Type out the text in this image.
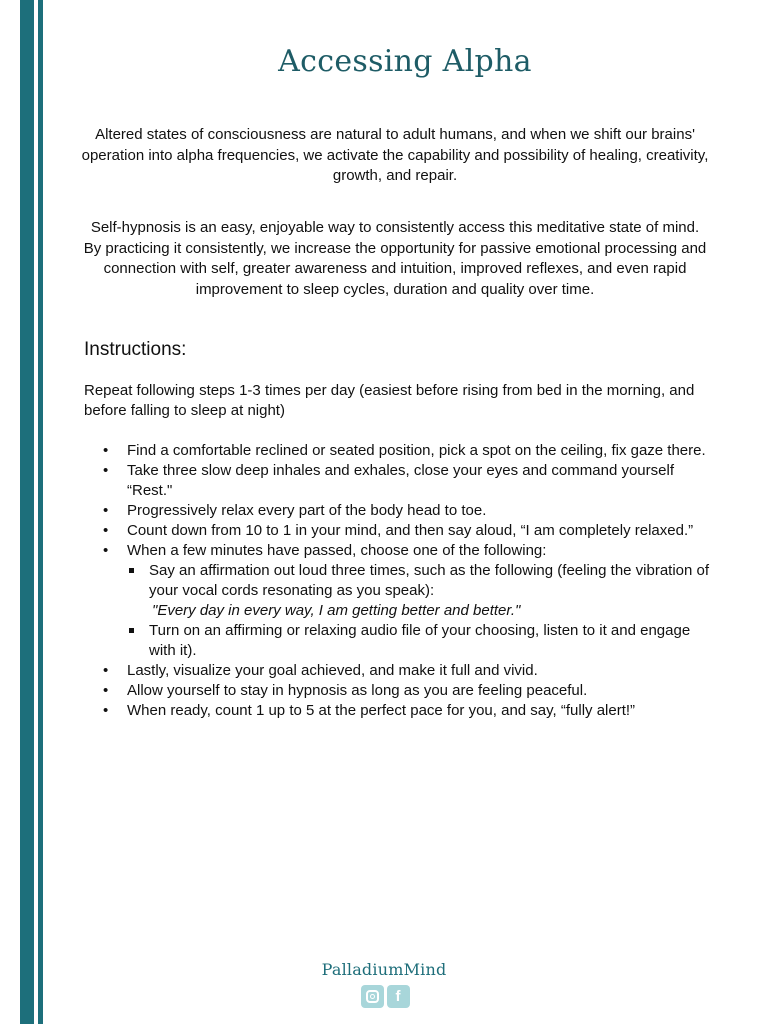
Accessing Alpha

Altered states of consciousness are natural to adult humans, and when we shift our brains' operation into alpha frequencies, we activate the capability and possibility of healing, creativity, growth, and repair.

Self-hypnosis is an easy, enjoyable way to consistently access this meditative state of mind. By practicing it consistently, we increase the opportunity for passive emotional processing and connection with self, greater awareness and intuition, improved reflexes, and even rapid improvement to sleep cycles, duration and quality over time.

Instructions:

Repeat following steps 1-3 times per day (easiest before rising from bed in the morning, and before falling to sleep at night)

• Find a comfortable reclined or seated position, pick a spot on the ceiling, fix gaze there.
• Take three slow deep inhales and exhales, close your eyes and command yourself “Rest."
• Progressively relax every part of the body head to toe.
• Count down from 10 to 1 in your mind, and then say aloud, “I am completely relaxed.”
• When a few minutes have passed, choose one of the following:
Say an affirmation out loud three times, such as the following (feeling the vibration of your vocal cords resonating as you speak):
"Every day in every way, I am getting better and better."
Turn on an affirming or relaxing audio file of your choosing, listen to it and engage with it).
• Lastly, visualize your goal achieved, and make it full and vivid.
• Allow yourself to stay in hypnosis as long as you are feeling peaceful.
• When ready, count 1 up to 5 at the perfect pace for you, and say, “fully alert!”
PalladiumMind
f
